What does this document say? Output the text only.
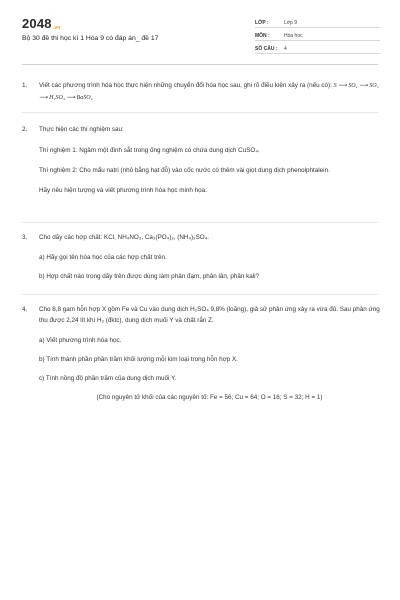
2048.vn
Bộ 30 đề thi học kì 1 Hóa 9 có đáp án_ đề 17
LỚP :	Lớp 9
MÔN :	Hóa học
SỐ CÂU :	4
1. Viết các phương trình hóa học thực hiện những chuyển đổi hóa học sau, ghi rõ điều kiện xảy ra (nếu có): S ⟶ SO₂ ⟶ SO₃ ⟶ H₂SO₄ ⟶ BaSO₄
2. Thực hiện các thí nghiệm sau:
Thí nghiệm 1: Ngâm một đinh sắt trong ống nghiệm có chứa dung dịch CuSO₄.
Thí nghiệm 2: Cho mẩu natri (nhỏ bằng hạt đỗ) vào cốc nước có thêm vài giọt dung dịch phenolphtalein.
Hãy nêu hiện tượng và viết phương trình hóa học minh họa.
3. Cho dãy các hợp chất: KCl, NH₄NO₃, Ca₃(PO₄)₂, (NH₄)₂SO₄.
a) Hãy gọi tên hóa học của các hợp chất trên.
b) Hợp chất nào trong dãy trên được dùng làm phân đạm, phân lân, phân kali?
4. Cho 8,8 gam hỗn hợp X gồm Fe và Cu vào dung dịch H₂SO₄ 9,8% (loãng), giả sử phản ứng xảy ra vừa đủ. Sau phản ứng thu được 2,24 lít khí H₂ (đktc), dung dịch muối Y và chất rắn Z.
a) Viết phương trình hóa học.
b) Tính thành phần phần trăm khối lượng mỗi kim loại trong hỗn hợp X.
c) Tính nồng độ phần trăm của dung dịch muối Y.
(Cho nguyên tử khối của các nguyên tố: Fe = 56; Cu = 64; O = 16; S = 32; H = 1)
